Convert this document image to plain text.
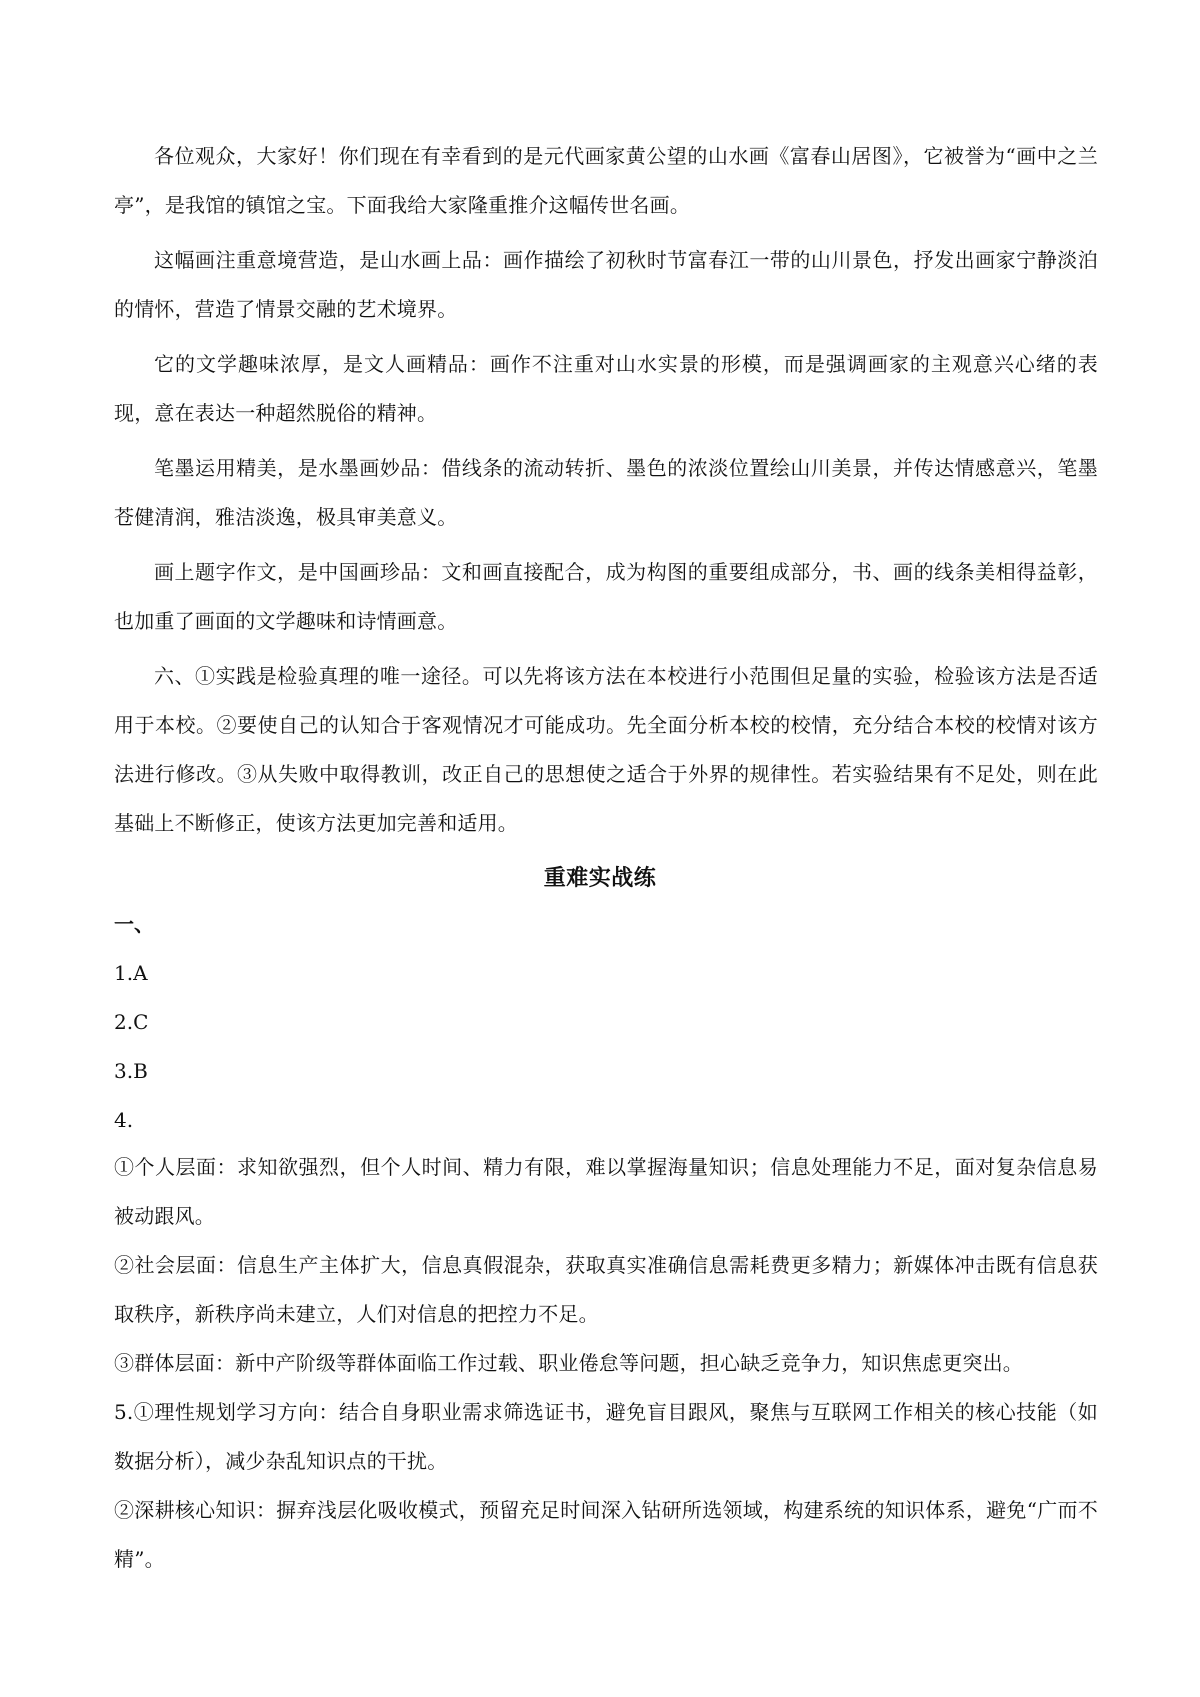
各位观众，大家好！你们现在有幸看到的是元代画家黄公望的山水画《富春山居图》，它被誉为“画中之兰亭”，是我馆的镇馆之宝。下面我给大家隆重推介这幅传世名画。

这幅画注重意境营造，是山水画上品：画作描绘了初秋时节富春江一带的山川景色，抒发出画家宁静淡泊的情怀，营造了情景交融的艺术境界。

它的文学趣味浓厚，是文人画精品：画作不注重对山水实景的形模，而是强调画家的主观意兴心绪的表现，意在表达一种超然脱俗的精神。

笔墨运用精美，是水墨画妙品：借线条的流动转折、墨色的浓淡位置绘山川美景，并传达情感意兴，笔墨苍健清润，雅洁淡逸，极具审美意义。

画上题字作文，是中国画珍品：文和画直接配合，成为构图的重要组成部分，书、画的线条美相得益彰，也加重了画面的文学趣味和诗情画意。

六、①实践是检验真理的唯一途径。可以先将该方法在本校进行小范围但足量的实验，检验该方法是否适用于本校。②要使自己的认知合于客观情况才可能成功。先全面分析本校的校情，充分结合本校的校情对该方法进行修改。③从失败中取得教训，改正自己的思想使之适合于外界的规律性。若实验结果有不足处，则在此基础上不断修正，使该方法更加完善和适用。

重难实战练

一、

1.A

2.C

3.B

4.

①个人层面：求知欲强烈，但个人时间、精力有限，难以掌握海量知识；信息处理能力不足，面对复杂信息易被动跟风。

②社会层面：信息生产主体扩大，信息真假混杂，获取真实准确信息需耗费更多精力；新媒体冲击既有信息获取秩序，新秩序尚未建立，人们对信息的把控力不足。

③群体层面：新中产阶级等群体面临工作过载、职业倦怠等问题，担心缺乏竞争力，知识焦虑更突出。

5.①理性规划学习方向：结合自身职业需求筛选证书，避免盲目跟风，聚焦与互联网工作相关的核心技能（如数据分析），减少杂乱知识点的干扰。

②深耕核心知识：摒弃浅层化吸收模式，预留充足时间深入钻研所选领域，构建系统的知识体系，避免“广而不精”。
